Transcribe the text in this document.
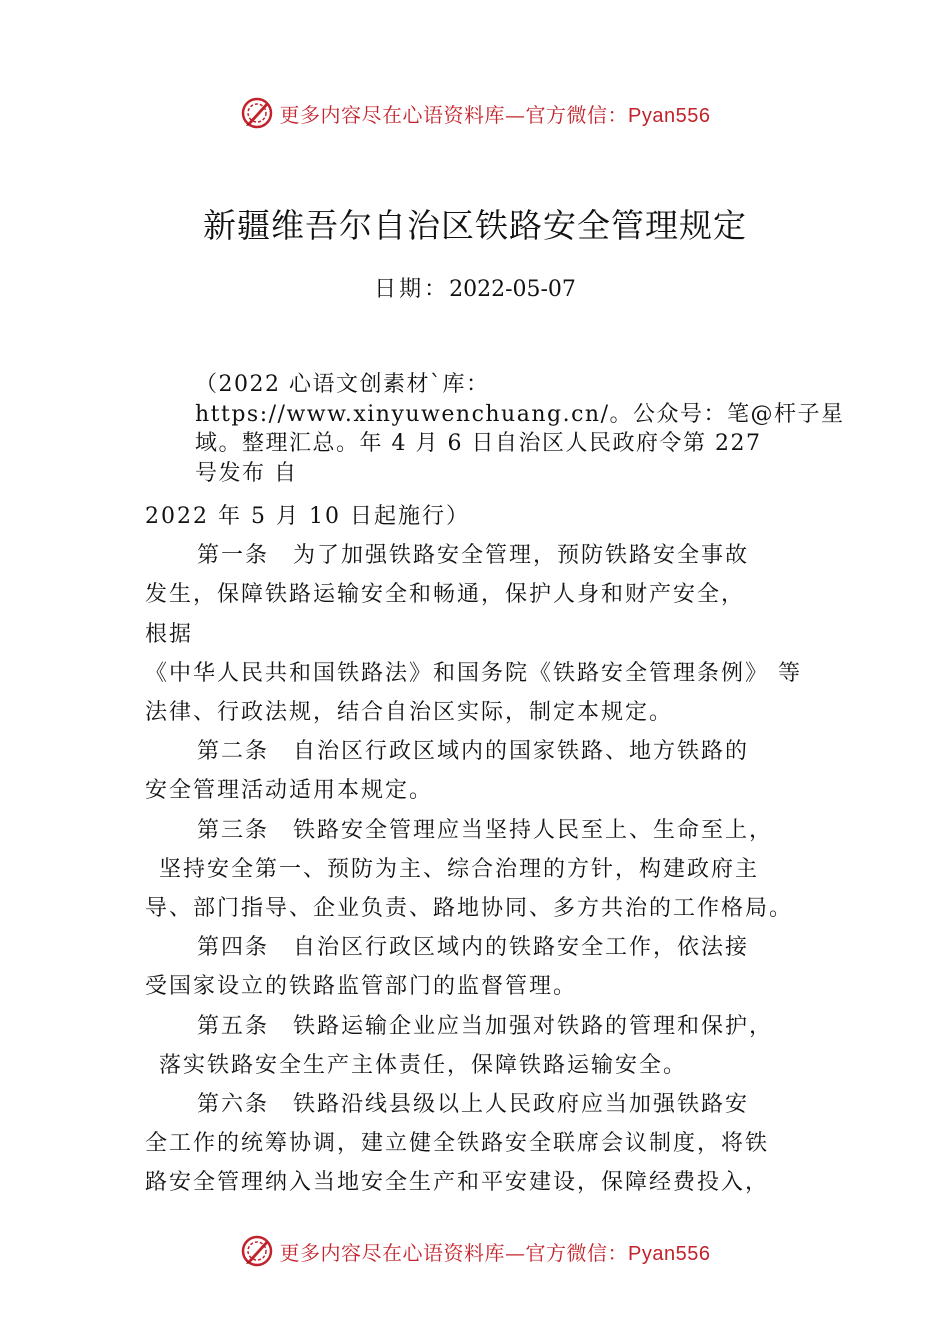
更多内容尽在心语资料库—官方微信：Pyan556
新疆维吾尔自治区铁路安全管理规定
日期：2022-05-07
（2022 心语文创素材`库：
https://www.xinyuwenchuang.cn/。公众号：笔@杆子星
域。整理汇总。年 4 月 6 日自治区人民政府令第 227
号发布 自
2022 年 5 月 10 日起施行）
第一条　为了加强铁路安全管理，预防铁路安全事故
发生，保障铁路运输安全和畅通，保护人身和财产安全，
根据
《中华人民共和国铁路法》和国务院《铁路安全管理条例》 等
法律、行政法规，结合自治区实际，制定本规定。
第二条　自治区行政区域内的国家铁路、地方铁路的
安全管理活动适用本规定。
第三条　铁路安全管理应当坚持人民至上、生命至上，
坚持安全第一、预防为主、综合治理的方针，构建政府主
导、部门指导、企业负责、路地协同、多方共治的工作格局。
第四条　自治区行政区域内的铁路安全工作，依法接
受国家设立的铁路监管部门的监督管理。
第五条　铁路运输企业应当加强对铁路的管理和保护，
落实铁路安全生产主体责任，保障铁路运输安全。
第六条　铁路沿线县级以上人民政府应当加强铁路安
全工作的统筹协调，建立健全铁路安全联席会议制度，将铁
路安全管理纳入当地安全生产和平安建设，保障经费投入，
更多内容尽在心语资料库—官方微信：Pyan556
